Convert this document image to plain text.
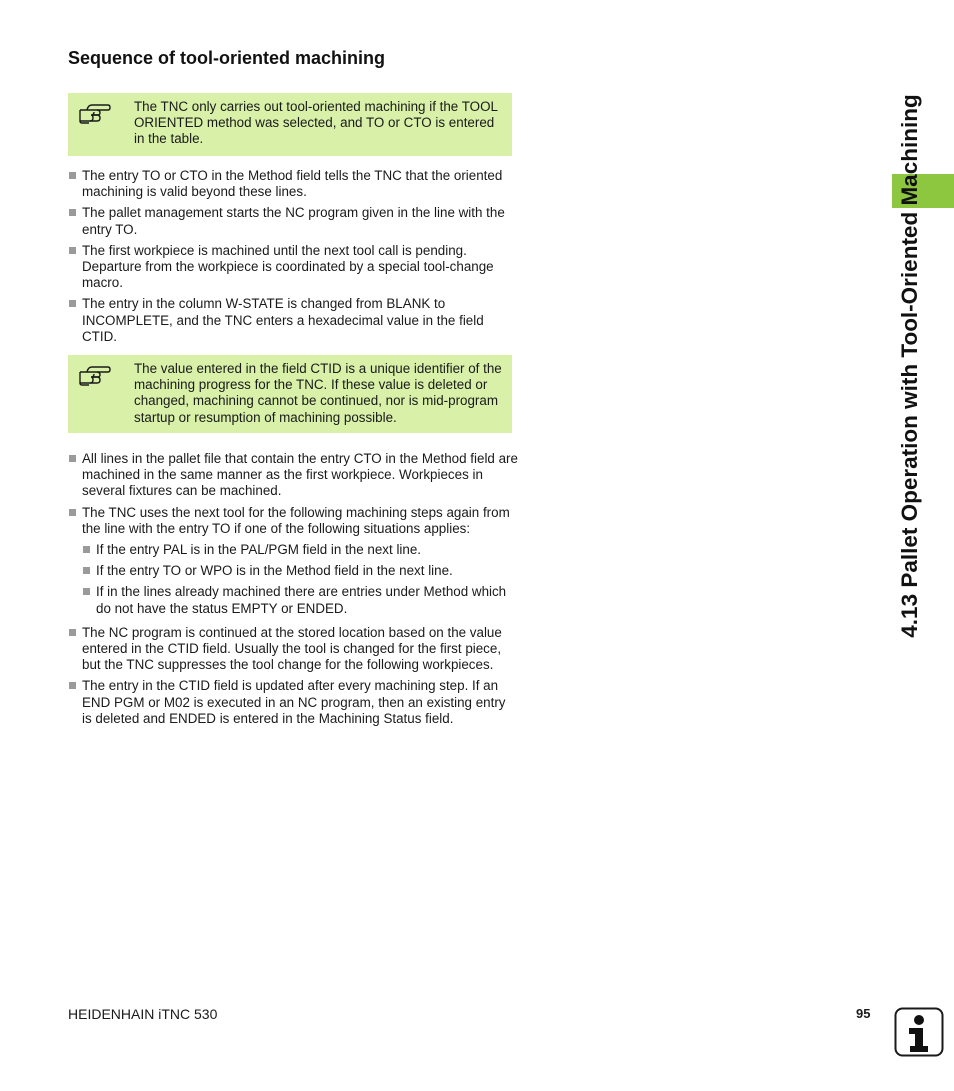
Sequence of tool-oriented machining
The TNC only carries out tool-oriented machining if the TOOL ORIENTED method was selected, and TO or CTO is entered in the table.
The entry TO or CTO in the Method field tells the TNC that the oriented machining is valid beyond these lines.
The pallet management starts the NC program given in the line with the entry TO.
The first workpiece is machined until the next tool call is pending. Departure from the workpiece is coordinated by a special tool-change macro.
The entry in the column W-STATE is changed from BLANK to INCOMPLETE, and the TNC enters a hexadecimal value in the field CTID.
The value entered in the field CTID is a unique identifier of the machining progress for the TNC. If these value is deleted or changed, machining cannot be continued, nor is mid-program startup or resumption of machining possible.
All lines in the pallet file that contain the entry CTO in the Method field are machined in the same manner as the first workpiece. Workpieces in several fixtures can be machined.
The TNC uses the next tool for the following machining steps again from the line with the entry TO if one of the following situations applies:
If the entry PAL is in the PAL/PGM field in the next line.
If the entry TO or WPO is in the Method field in the next line.
If in the lines already machined there are entries under Method which do not have the status EMPTY or ENDED.
The NC program is continued at the stored location based on the value entered in the CTID field. Usually the tool is changed for the first piece, but the TNC suppresses the tool change for the following workpieces.
The entry in the CTID field is updated after every machining step. If an END PGM or M02 is executed in an NC program, then an existing entry is deleted and ENDED is entered in the Machining Status field.
4.13 Pallet Operation with Tool-Oriented Machining
HEIDENHAIN iTNC 530	95
